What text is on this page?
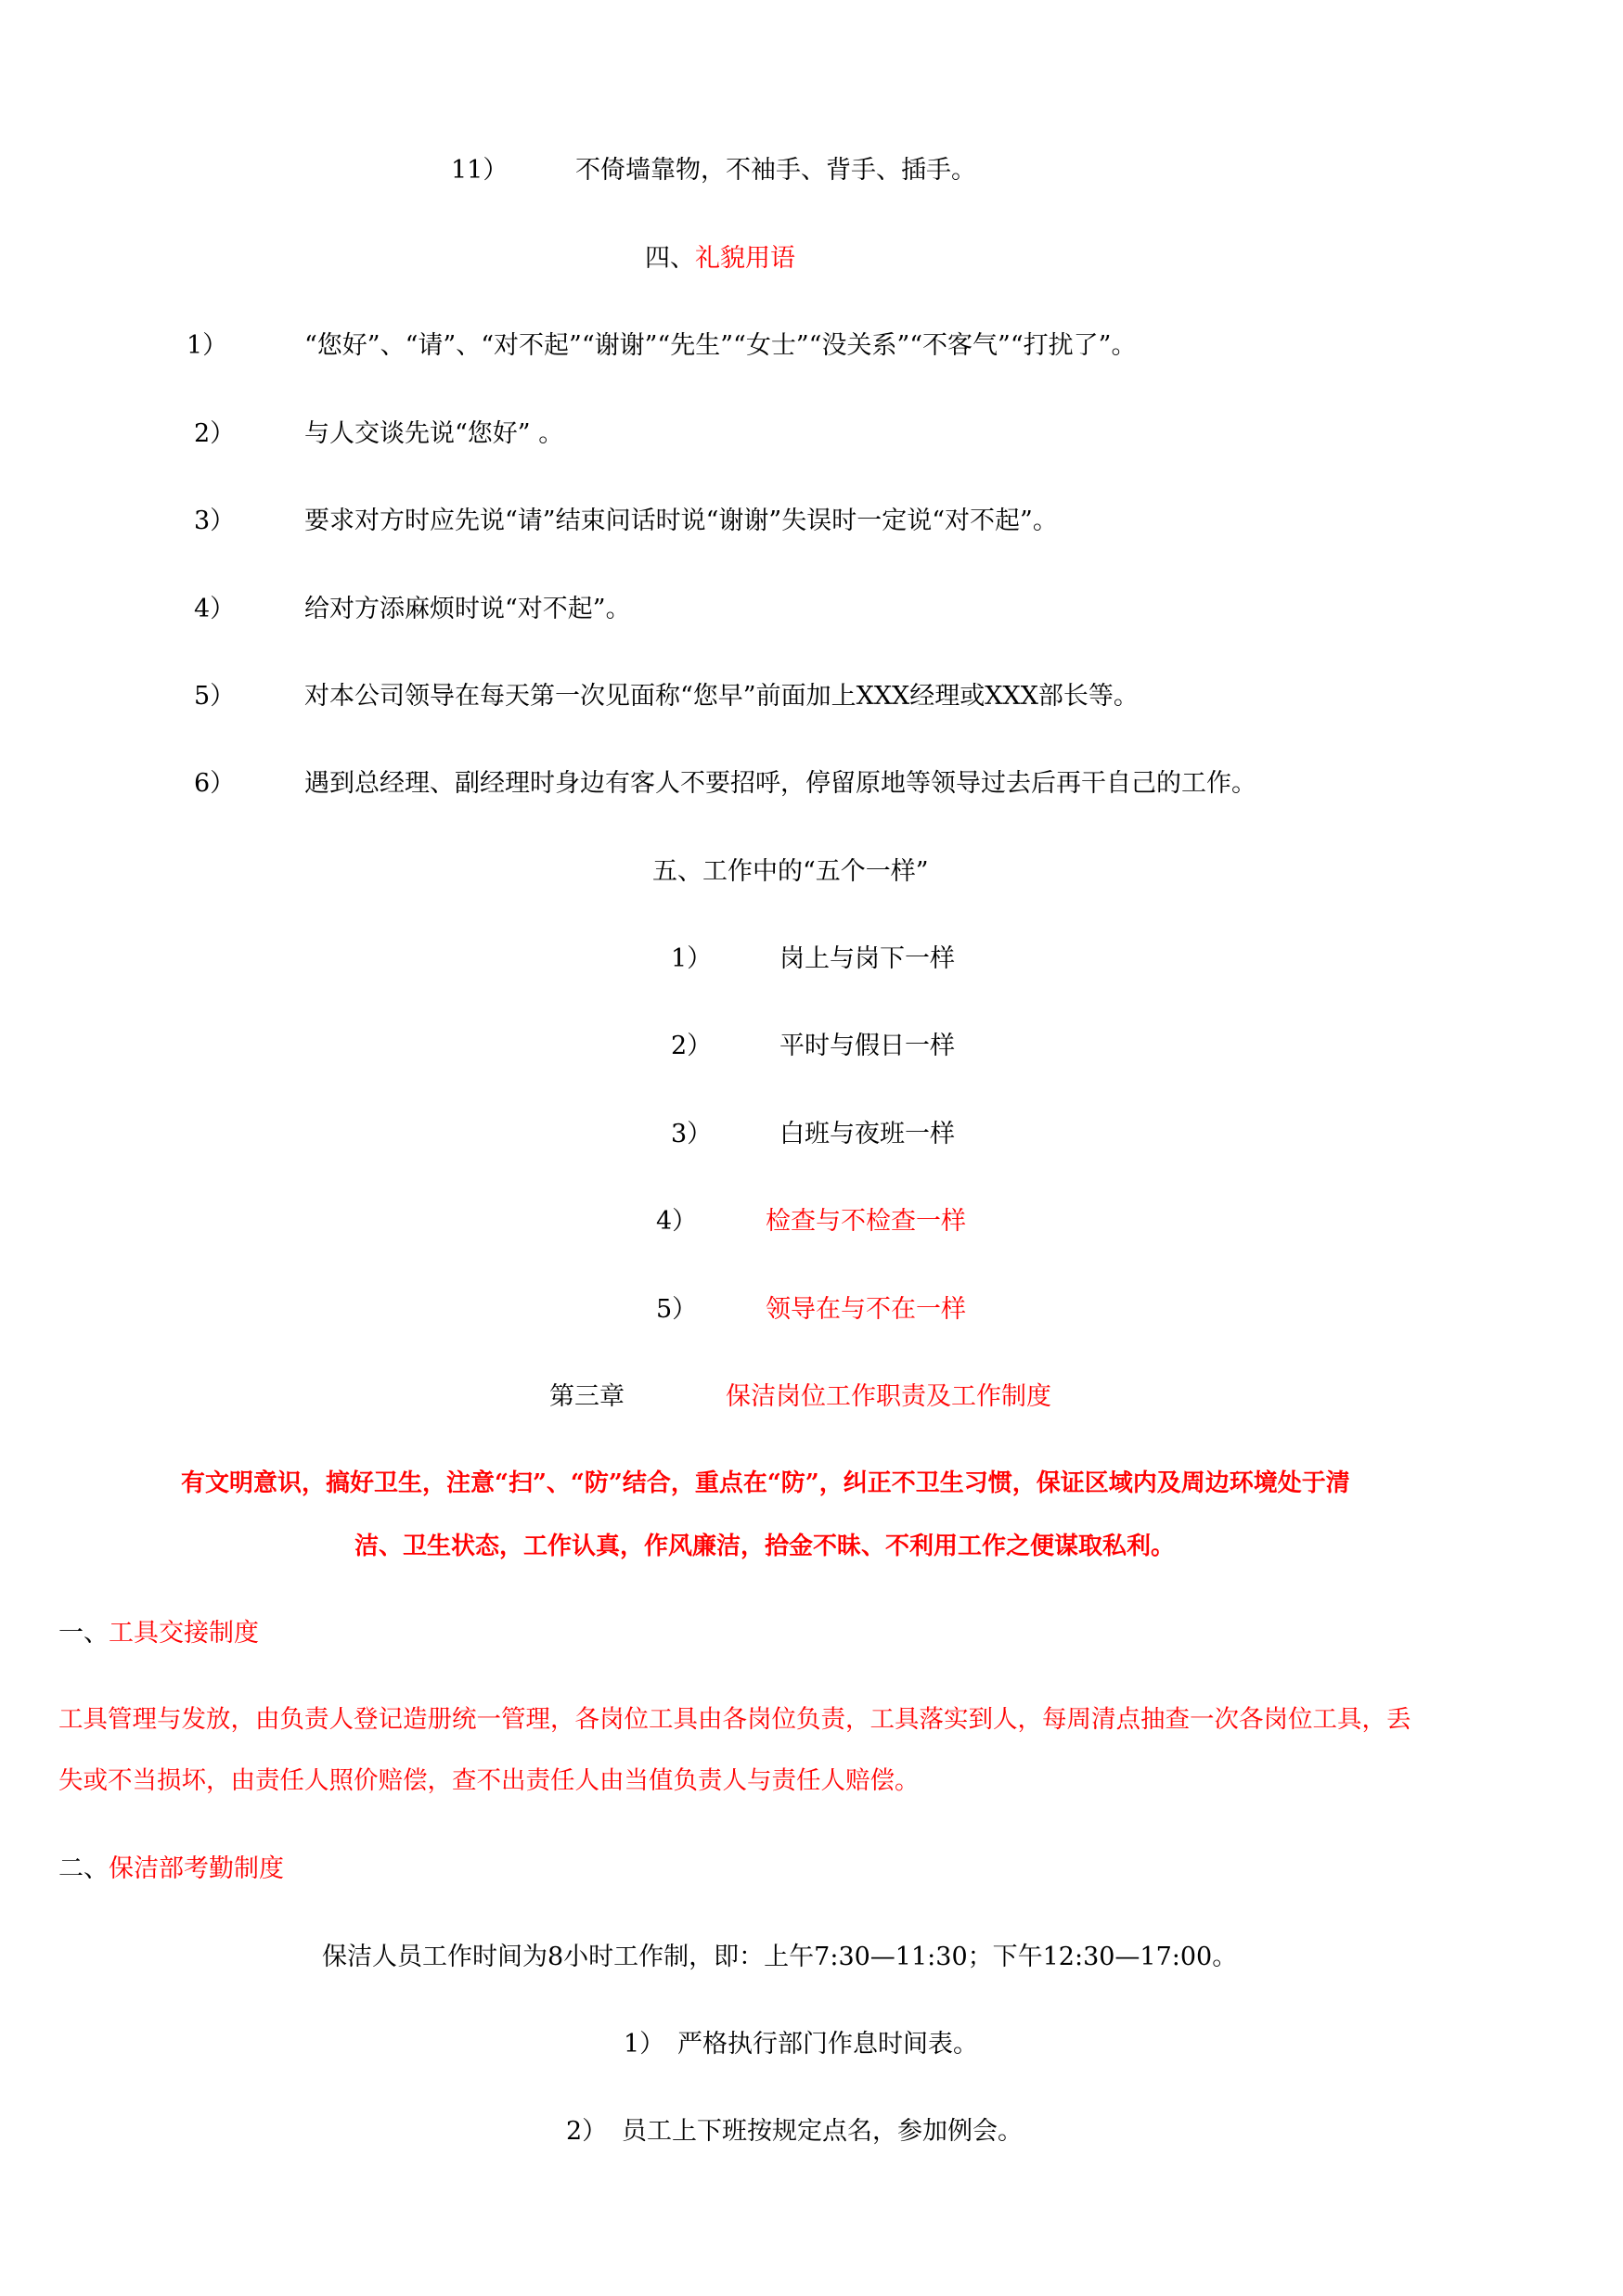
11）	不倚墙靠物，不袖手、背手、插手。
四、礼貌用语
1）	“您好”、“请”、“对不起”“谢谢”“先生”“女士”“没关系”“不客气”“打扰了”。
2）	与人交谈先说“您好” 。
3）	要求对方时应先说“请”结束问话时说“谢谢”失误时一定说“对不起”。
4）	给对方添麻烦时说“对不起”。
5）	对本公司领导在每天第一次见面称“您早”前面加上XXX经理或XXX部长等。
6）	遇到总经理、副经理时身边有客人不要招呼，停留原地等领导过去后再干自己的工作。
五、工作中的“五个一样”
1）	岗上与岗下一样
2）	平时与假日一样
3）	白班与夜班一样
4）	检查与不检查一样
5）	领导在与不在一样
第三章	保洁岗位工作职责及工作制度
有文明意识，搞好卫生，注意“扫”、“防”结合，重点在“防”，纠正不卫生习惯，保证区域内及周边环境处于清
洁、卫生状态，工作认真，作风廉洁，拾金不昧、不利用工作之便谋取私利。
一、工具交接制度
工具管理与发放，由负责人登记造册统一管理，各岗位工具由各岗位负责，工具落实到人，每周清点抽查一次各岗位工具，丢
失或不当损坏，由责任人照价赔偿，查不出责任人由当值负责人与责任人赔偿。
二、保洁部考勤制度
保洁人员工作时间为8小时工作制，即：上午7:30—11:30；下午12:30—17:00。
1） 严格执行部门作息时间表。
2） 员工上下班按规定点名，参加例会。
